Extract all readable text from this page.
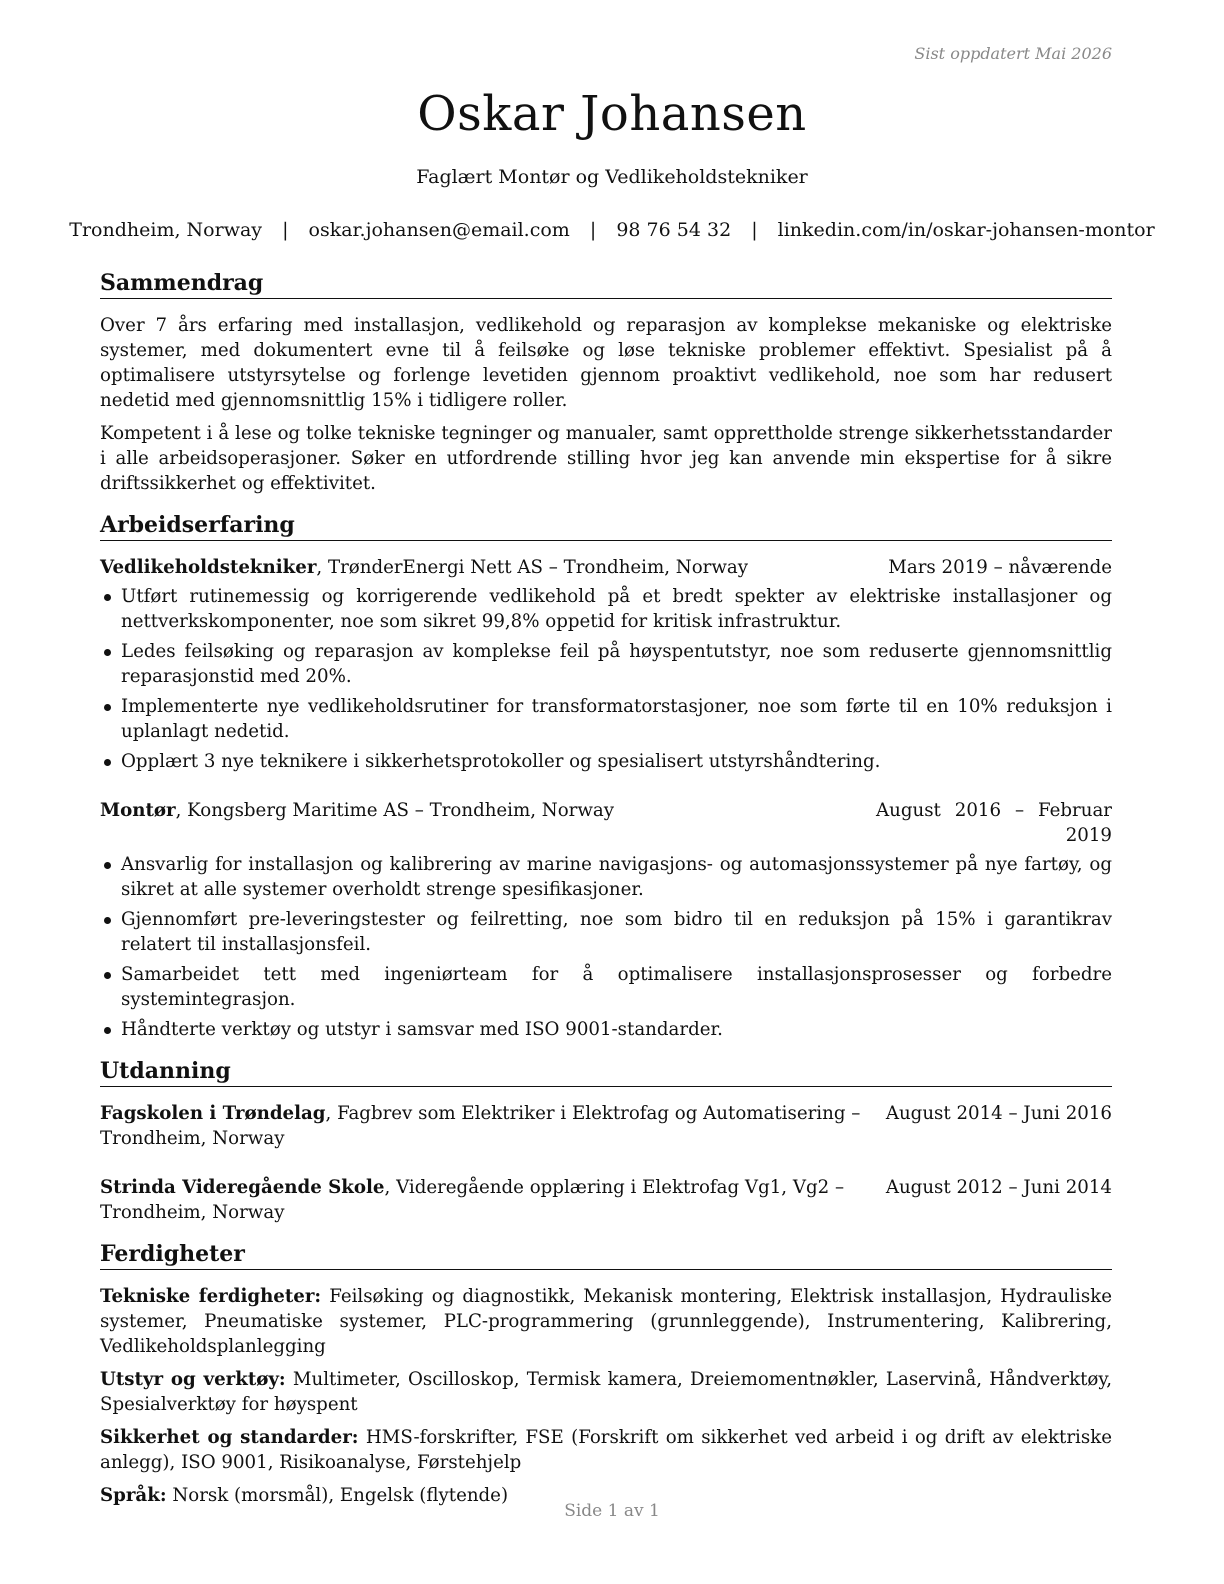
Sist oppdatert Mai 2026
Oskar Johansen
Faglært Montør og Vedlikeholdstekniker
Trondheim, Norway | oskar.johansen@email.com | 98 76 54 32 | linkedin.com/in/oskar-johansen-montor
Sammendrag

Over 7 års erfaring med installasjon, vedlikehold og reparasjon av komplekse mekaniske og elektriske systemer, med dokumentert evne til å feilsøke og løse tekniske problemer effektivt. Spesialist på å optimalisere utstyrsytelse og forlenge levetiden gjennom proaktivt vedlikehold, noe som har redusert nedetid med gjennomsnittlig 15% i tidligere roller.

Kompetent i å lese og tolke tekniske tegninger og manualer, samt opprettholde strenge sikkerhetsstandarder i alle arbeidsoperasjoner. Søker en utfordrende stilling hvor jeg kan anvende min ekspertise for å sikre driftssikkerhet og effektivitet.

Arbeidserfaring
Vedlikeholdstekniker, TrønderEnergi Nett AS – Trondheim, Norway	Mars 2019 – nåværende
Utført rutinemessig og korrigerende vedlikehold på et bredt spekter av elektriske installasjoner og nettverkskomponenter, noe som sikret 99,8% oppetid for kritisk infrastruktur.
Ledes feilsøking og reparasjon av komplekse feil på høyspentutstyr, noe som reduserte gjennomsnittlig reparasjonstid med 20%.
Implementerte nye vedlikeholdsrutiner for transformatorstasjoner, noe som førte til en 10% reduksjon i uplanlagt nedetid.
Opplært 3 nye teknikere i sikkerhetsprotokoller og spesialisert utstyrshåndtering.
Montør, Kongsberg Maritime AS – Trondheim, Norway	August 2016 – Februar 2019
Ansvarlig for installasjon og kalibrering av marine navigasjons- og automasjonssystemer på nye fartøy, og sikret at alle systemer overholdt strenge spesifikasjoner.
Gjennomført pre-leveringstester og feilretting, noe som bidro til en reduksjon på 15% i garantikrav relatert til installasjonsfeil.
Samarbeidet tett med ingeniørteam for å optimalisere installasjonsprosesser og forbedre systemintegrasjon.
Håndterte verktøy og utstyr i samsvar med ISO 9001-standarder.
Utdanning
Fagskolen i Trøndelag, Fagbrev som Elektriker i Elektrofag og Automatisering – Trondheim, Norway
August 2014 – Juni 2016
Strinda Videregående Skole, Videregående opplæring i Elektrofag Vg1, Vg2 – Trondheim, Norway
August 2012 – Juni 2014
Ferdigheter

Tekniske ferdigheter: Feilsøking og diagnostikk, Mekanisk montering, Elektrisk installasjon, Hydrauliske systemer, Pneumatiske systemer, PLC-programmering (grunnleggende), Instrumentering, Kalibrering, Vedlikeholdsplanlegging

Utstyr og verktøy: Multimeter, Oscilloskop, Termisk kamera, Dreiemomentnøkler, Laservinå, Håndverktøy, Spesialverktøy for høyspent

Sikkerhet og standarder: HMS-forskrifter, FSE (Forskrift om sikkerhet ved arbeid i og drift av elektriske anlegg), ISO 9001, Risikoanalyse, Førstehjelp

Språk: Norsk (morsmål), Engelsk (flytende)

Side 1 av 1
